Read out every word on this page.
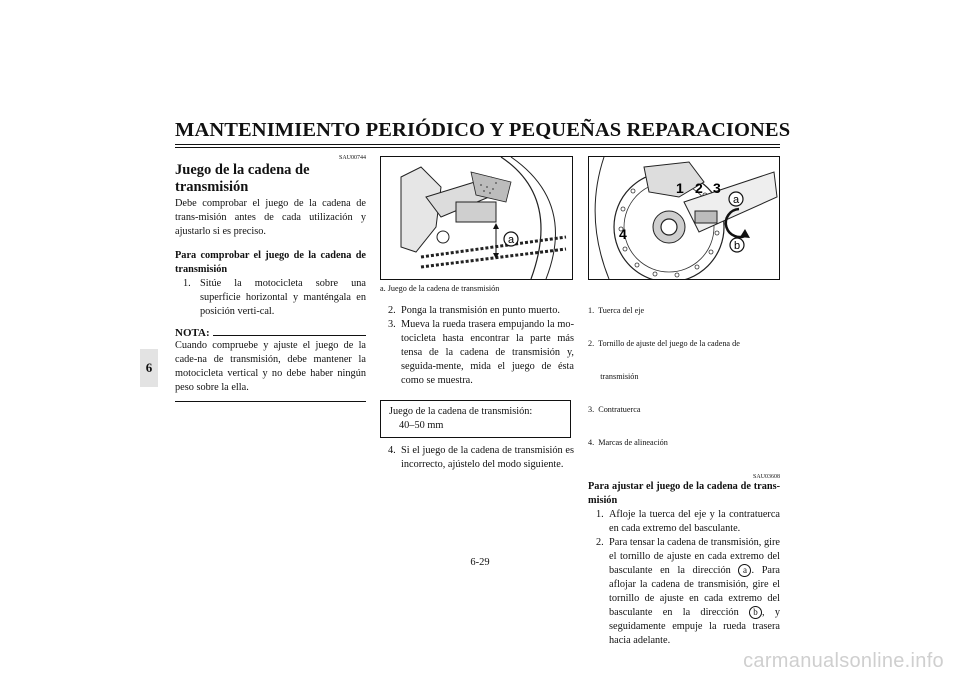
MANTENIMIENTO PERIÓDICO Y PEQUEÑAS REPARACIONES
6
SAU00744
Juego de la cadena de transmisión
Debe comprobar el juego de la cadena de trans-misión antes de cada utilización y ajustarlo si es preciso.
Para comprobar el juego de la cadena de transmisión
1. Sitúe la motocicleta sobre una superficie horizontal y manténgala en posición verti-cal.
NOTA:
Cuando compruebe y ajuste el juego de la cade-na de transmisión, debe mantener la motocicleta vertical y no debe haber ningún peso sobre la ella.
a
a. Juego de la cadena de transmisión
2. Ponga la transmisión en punto muerto.
3. Mueva la rueda trasera empujando la mo-tocicleta hasta encontrar la parte más tensa de la cadena de transmisión y, seguida-mente, mida el juego de ésta como se muestra.
Juego de la cadena de transmisión:
40–50 mm
4. Si el juego de la cadena de transmisión es incorrecto, ajústelo del modo siguiente.
1 2 3
4
a
b

1.  Tuerca del eje

2.  Tornillo de ajuste del juego de la cadena de

transmisión

3.  Contratuerca

4.  Marcas de alineación

SAU03608
Para ajustar el juego de la cadena de trans-misión
1. Afloje la tuerca del eje y la contratuerca en cada extremo del basculante.
2. Para tensar la cadena de transmisión, gire el tornillo de ajuste en cada extremo del basculante en la dirección a . Para aflojar la cadena de transmisión, gire el tornillo de ajuste en cada extremo del basculante en la dirección b , y seguidamente empuje la rueda trasera hacia adelante.
6-29
carmanualsonline.info
